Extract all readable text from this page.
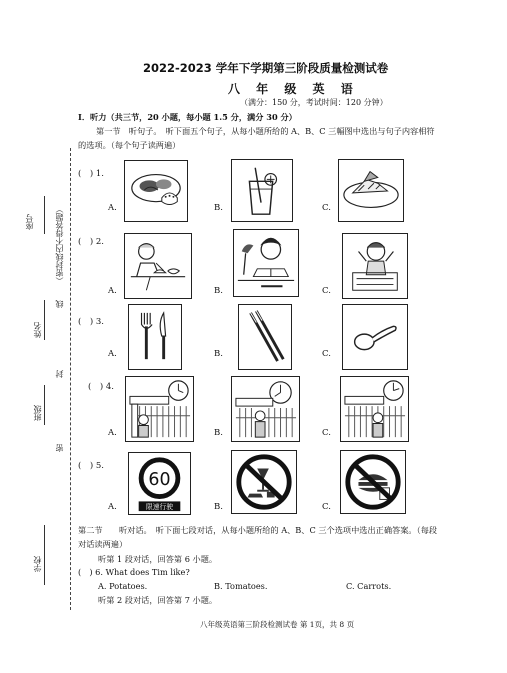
座号	（密封线内不得答题）
线
姓名
封
班级
密
学校
2022-2023 学年下学期第三阶段质量检测试卷
八 年 级 英 语
（满分：150 分，考试时间：120 分钟）
I．听力（共三节，20 小题，每小题 1.5 分，满分 30 分）
第一节　听句子。　听下面五个句子，从每小题所给的 A、B、C 三幅图中选出与句子内容相符
的选项。（每个句子读两遍）
(　) 1.
A.	B.	C.
(　) 2.
A.	B.	C.
(　) 3.
A.	B.	C.
(　) 4.
A.	B.	C.
(　) 5.
A.
60
限速行驶	B.	C.
第二节　　听对话。　听下面七段对话，从每小题所给的 A、B、C 三个选项中选出正确答案。（每段
对话读两遍）
听第 1 段对话，回答第 6 小题。
(　) 6. What does Tim like?
A. Potatoes.	B. Tomatoes.	C. Carrots.
听第 2 段对话，回答第 7 小题。
八年级英语第三阶段检测试卷 第 1页，共 8 页
